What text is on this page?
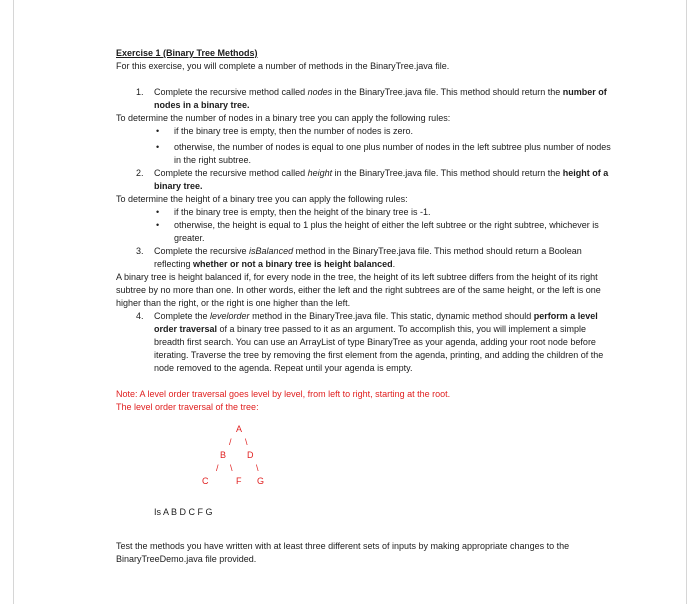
Exercise 1 (Binary Tree Methods)

For this exercise, you will complete a number of methods in the BinaryTree.java file.

1. Complete the recursive method called nodes in the BinaryTree.java file. This method should return the number of nodes in a binary tree.

To determine the number of nodes in a binary tree you can apply the following rules:

• if the binary tree is empty, then the number of nodes is zero.

• otherwise, the number of nodes is equal to one plus number of nodes in the left subtree plus number of nodes in the right subtree.

2. Complete the recursive method called height in the BinaryTree.java file. This method should return the height of a binary tree.

To determine the height of a binary tree you can apply the following rules:

• if the binary tree is empty, then the height of the binary tree is -1.

• otherwise, the height is equal to 1 plus the height of either the left subtree or the right subtree, whichever is greater.

3. Complete the recursive isBalanced method in the BinaryTree.java file. This method should return a Boolean reflecting whether or not a binary tree is height balanced.

A binary tree is height balanced if, for every node in the tree, the height of its left subtree differs from the height of its right subtree by no more than one. In other words, either the left and the right subtrees are of the same height, or the left is one higher than the right, or the right is one higher than the left.

4. Complete the levelorder method in the BinaryTree.java file. This static, dynamic method should perform a level order traversal of a binary tree passed to it as an argument. To accomplish this, you will implement a simple breadth first search. You can use an ArrayList of type BinaryTree as your agenda, adding your root node before iterating. Traverse the tree by removing the first element from the agenda, printing, and adding the children of the node removed to the agenda. Repeat until your agenda is empty.

Note: A level order traversal goes level by level, from left to right, starting at the root.

The level order traversal of the tree:

A
/ \
B D
/ \	\
C	F G

Is A B D C F G

Test the methods you have written with at least three different sets of inputs by making appropriate changes to the BinaryTreeDemo.java file provided.
